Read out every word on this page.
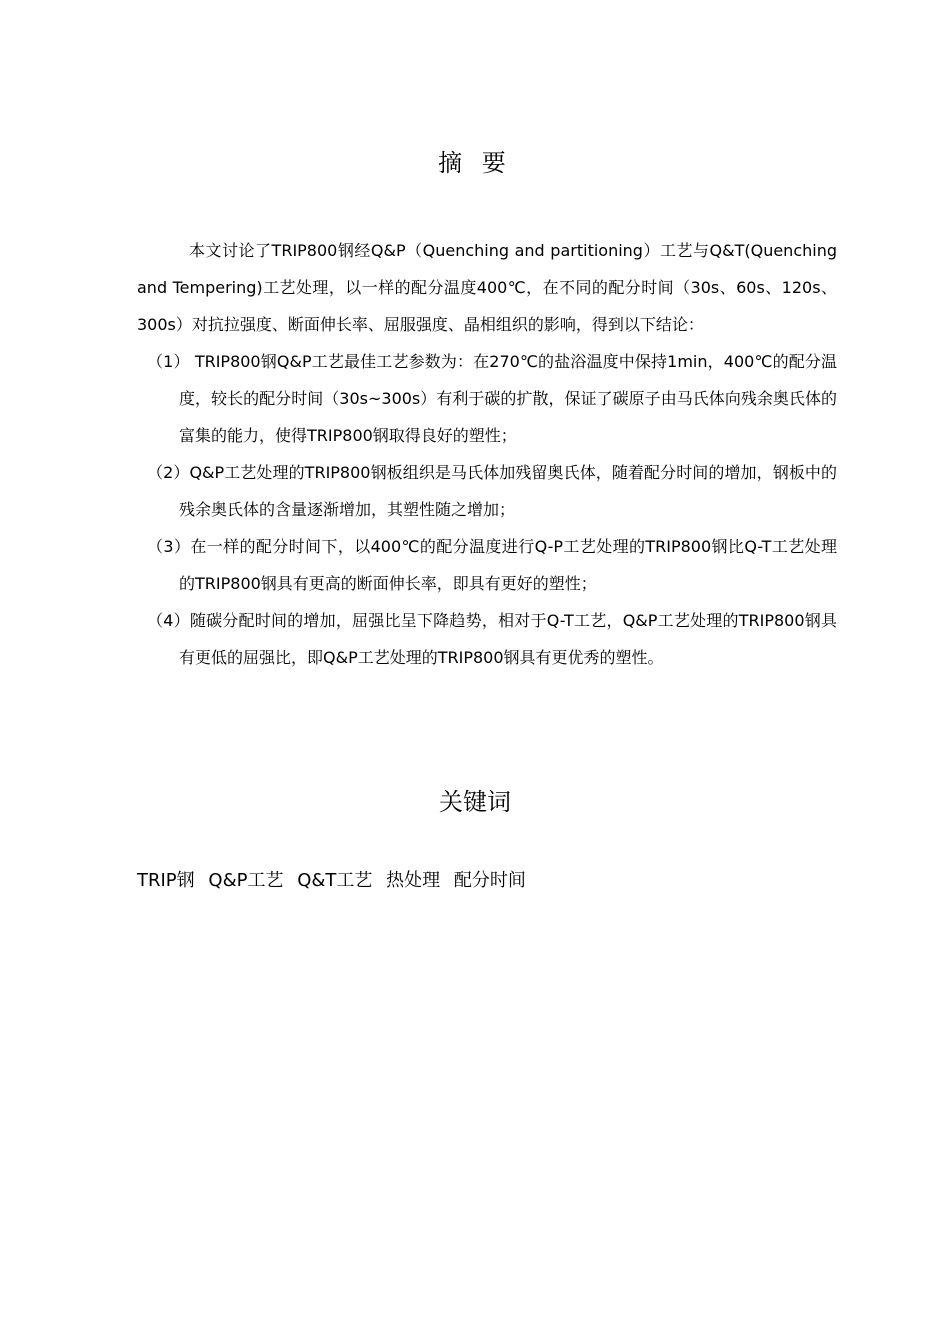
摘 要

本文讨论了TRIP800钢经Q&P（Quenching and partitioning）工艺与Q&T(Quenching and Tempering)工艺处理，以一样的配分温度400℃，在不同的配分时间（30s、60s、120s、300s）对抗拉强度、断面伸长率、屈服强度、晶相组织的影响，得到以下结论：

（1） TRIP800钢Q&P工艺最佳工艺参数为：在270℃的盐浴温度中保持1min，400℃的配分温度，较长的配分时间（30s~300s）有利于碳的扩散，保证了碳原子由马氏体向残余奥氏体的富集的能力，使得TRIP800钢取得良好的塑性；
（2）Q&P工艺处理的TRIP800钢板组织是马氏体加残留奥氏体，随着配分时间的增加，钢板中的残余奥氏体的含量逐渐增加，其塑性随之增加；
（3）在一样的配分时间下，以400℃的配分温度进行Q-P工艺处理的TRIP800钢比Q-T工艺处理的TRIP800钢具有更高的断面伸长率，即具有更好的塑性；
（4）随碳分配时间的增加，屈强比呈下降趋势，相对于Q-T工艺，Q&P工艺处理的TRIP800钢具有更低的屈强比，即Q&P工艺处理的TRIP800钢具有更优秀的塑性。
关键词
TRIP钢 Q&P工艺 Q&T工艺 热处理 配分时间
